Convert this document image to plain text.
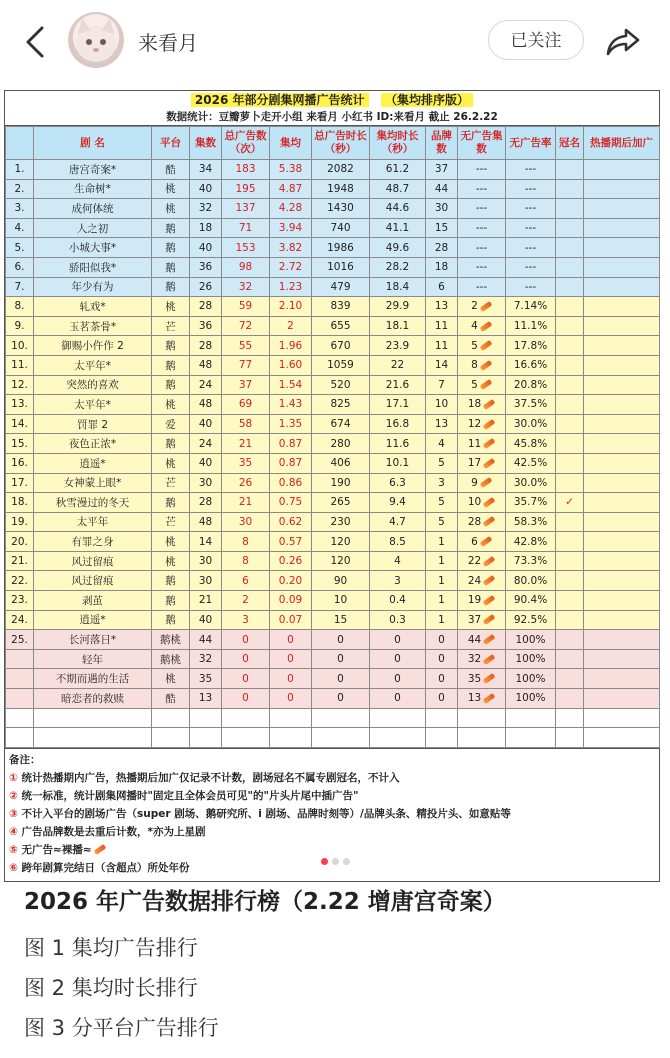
来看月	已关注
2026 年部分剧集网播广告统计 （集均排序版）
数据统计：豆瓣萝卜走开小组 来看月 小红书 ID:来看月 截止 26.2.22
	剧 名	平台	集数	总广告数（次）	集均	总广告时长（秒）	集均时长（秒）	品牌数	无广告集数	无广告率	冠名	热播期后加广
1.	唐宫奇案*	酷	34	183	5.38	2082	61.2	37	---	---		
2.	生命树*	桃	40	195	4.87	1948	48.7	44	---	---		
3.	成何体统	桃	32	137	4.28	1430	44.6	30	---	---		
4.	人之初	鹅	18	71	3.94	740	41.1	15	---	---		
5.	小城大事*	鹅	40	153	3.82	1986	49.6	28	---	---		
6.	骄阳似我*	鹅	36	98	2.72	1016	28.2	18	---	---		
7.	年少有为	鹅	26	32	1.23	479	18.4	6	---	---		
8.	轧戏*	桃	28	59	2.10	839	29.9	13	2	7.14%		
9.	玉茗茶骨*	芒	36	72	2	655	18.1	11	4	11.1%		
10.	御赐小仵作 2	鹅	28	55	1.96	670	23.9	11	5	17.8%		
11.	太平年*	鹅	48	77	1.60	1059	22	14	8	16.6%		
12.	突然的喜欢	鹅	24	37	1.54	520	21.6	7	5	20.8%		
13.	太平年*	桃	48	69	1.43	825	17.1	10	18	37.5%		
14.	罚罪 2	爱	40	58	1.35	674	16.8	13	12	30.0%		
15.	夜色正浓*	鹅	24	21	0.87	280	11.6	4	11	45.8%		
16.	逍遥*	桃	40	35	0.87	406	10.1	5	17	42.5%		
17.	女神蒙上眼*	芒	30	26	0.86	190	6.3	3	9	30.0%		
18.	秋雪漫过的冬天	鹅	28	21	0.75	265	9.4	5	10	35.7%	✓	
19.	太平年	芒	48	30	0.62	230	4.7	5	28	58.3%		
20.	有罪之身	桃	14	8	0.57	120	8.5	1	6	42.8%		
21.	风过留痕	桃	30	8	0.26	120	4	1	22	73.3%		
22.	风过留痕	鹅	30	6	0.20	90	3	1	24	80.0%		
23.	剥茧	鹅	21	2	0.09	10	0.4	1	19	90.4%		
24.	逍遥*	鹅	40	3	0.07	15	0.3	1	37	92.5%		
25.	长河落日*	鹅桃	44	0	0	0	0	0	44	100%		
	轻年	鹅桃	32	0	0	0	0	0	32	100%		
	不期而遇的生活	桃	35	0	0	0	0	0	35	100%		
	暗恋者的救赎	酷	13	0	0	0	0	0	13	100%		

备注：
① 统计热播期内广告，热播期后加广仅记录不计数，剧场冠名不属专剧冠名，不计入
② 统一标准，统计剧集网播时"固定且全体会员可见"的"片头片尾中插广告"
③ 不计入平台的剧场广告（super 剧场、鹅研究所、i 剧场、品牌时刻等）/品牌头条、精投片头、如意贴等
④ 广告品牌数是去重后计数，*亦为上星剧
⑤ 无广告≈裸播≈
⑥ 跨年剧算完结日（含超点）所处年份
2026 年广告数据排行榜（2.22 增唐宫奇案）
图 1 集均广告排行
图 2 集均时长排行
图 3 分平台广告排行
